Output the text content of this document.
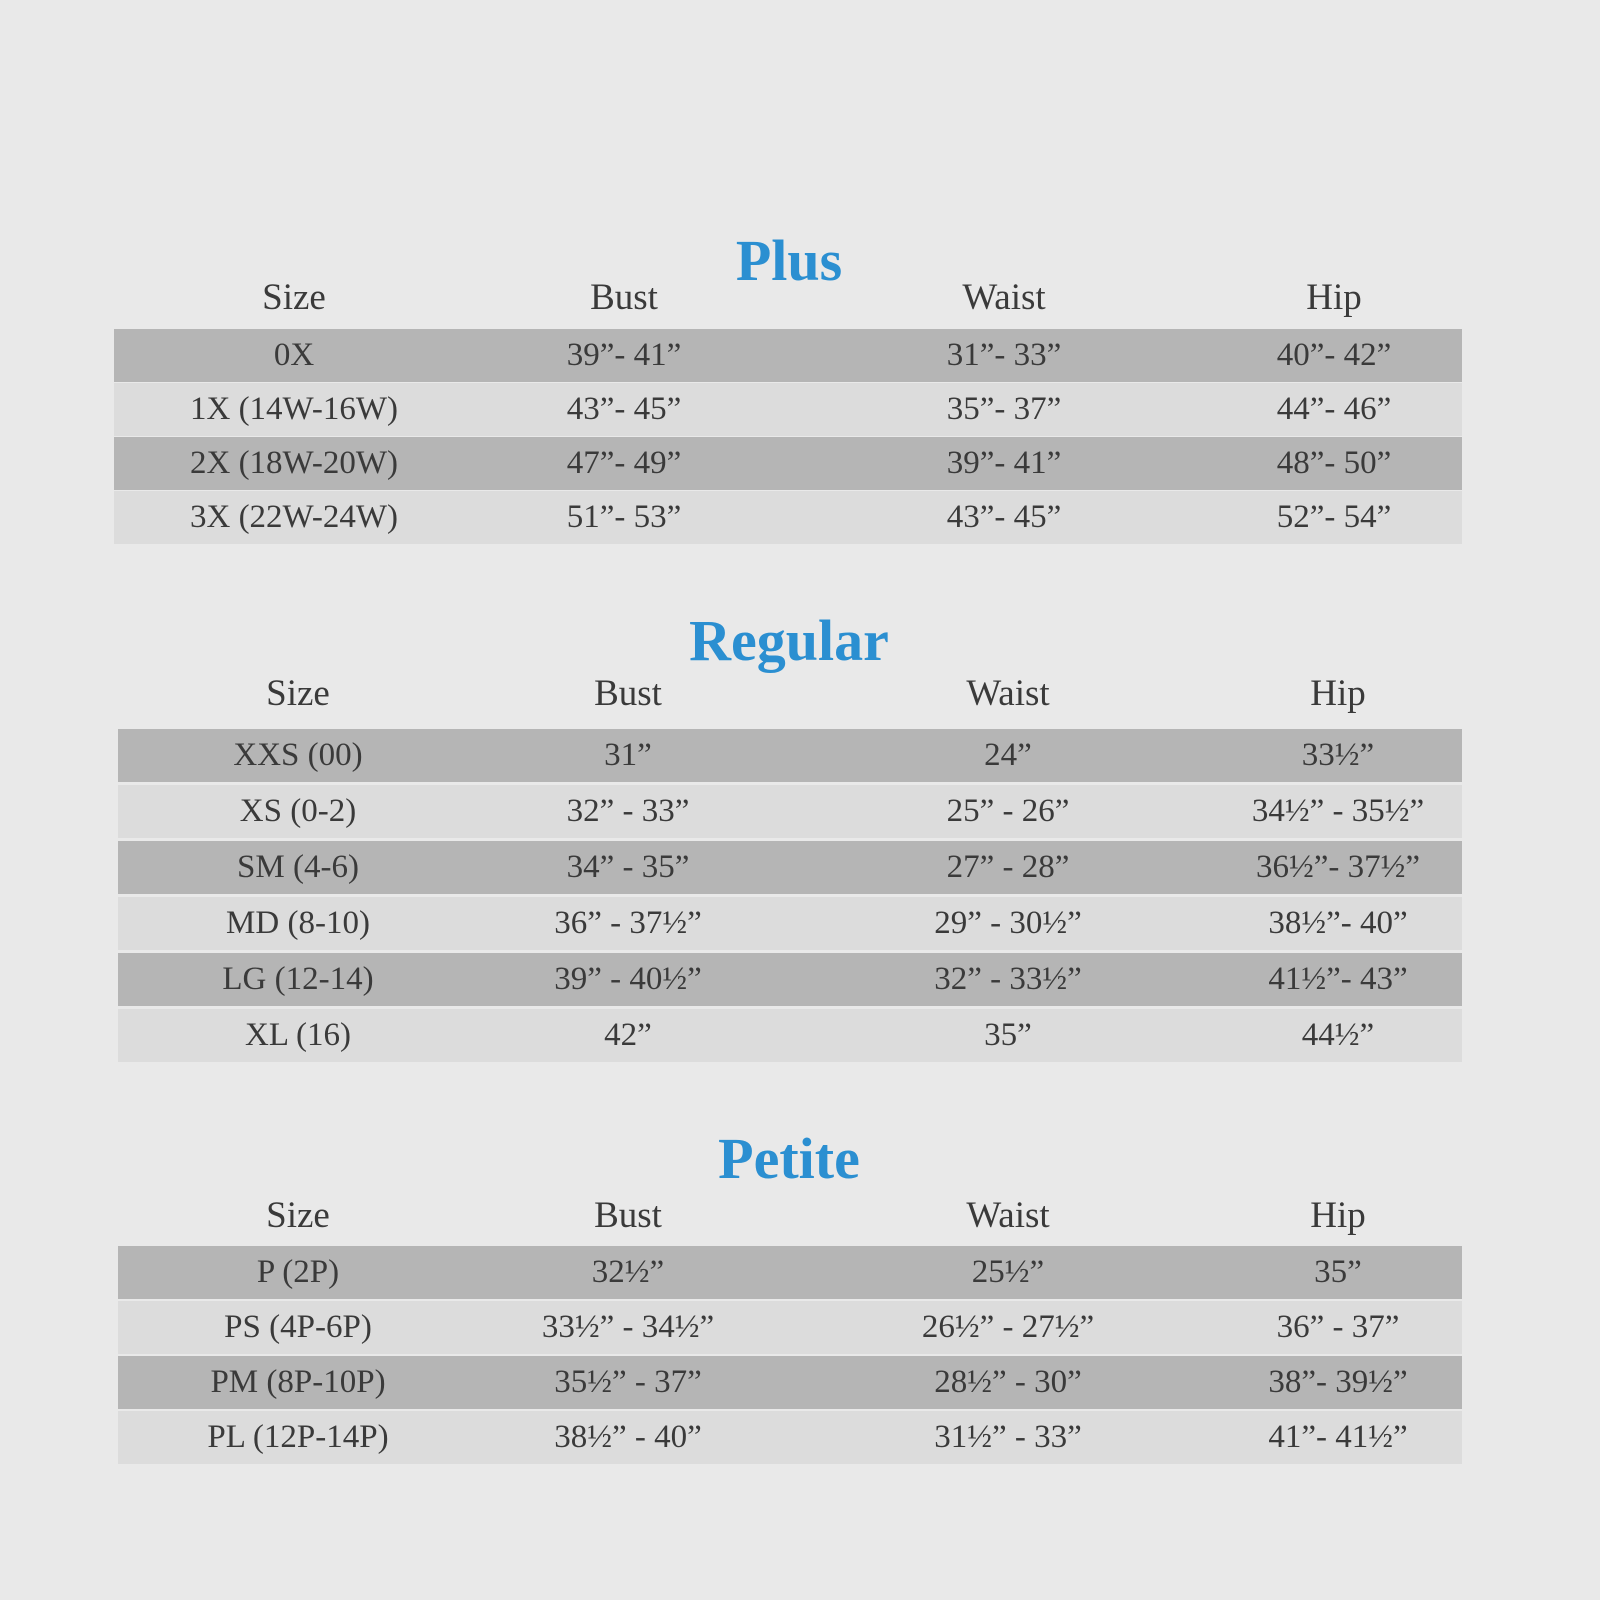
Plus
Size	Bust	Waist	Hip
0X	39”- 41”	31”- 33”	40”- 42”
1X (14W-16W)	43”- 45”	35”- 37”	44”- 46”
2X (18W-20W)	47”- 49”	39”- 41”	48”- 50”
3X (22W-24W)	51”- 53”	43”- 45”	52”- 54”
Regular
Size	Bust	Waist	Hip
XXS (00)	31”	24”	33½”
XS (0-2)	32” - 33”	25” - 26”	34½” - 35½”
SM (4-6)	34” - 35”	27” - 28”	36½”- 37½”
MD (8-10)	36” - 37½”	29” - 30½”	38½”- 40”
LG (12-14)	39” - 40½”	32” - 33½”	41½”- 43”
XL (16)	42”	35”	44½”
Petite
Size	Bust	Waist	Hip
P (2P)	32½”	25½”	35”
PS (4P-6P)	33½” - 34½”	26½” - 27½”	36” - 37”
PM (8P-10P)	35½” - 37”	28½” - 30”	38”- 39½”
PL (12P-14P)	38½” - 40”	31½” - 33”	41”- 41½”
